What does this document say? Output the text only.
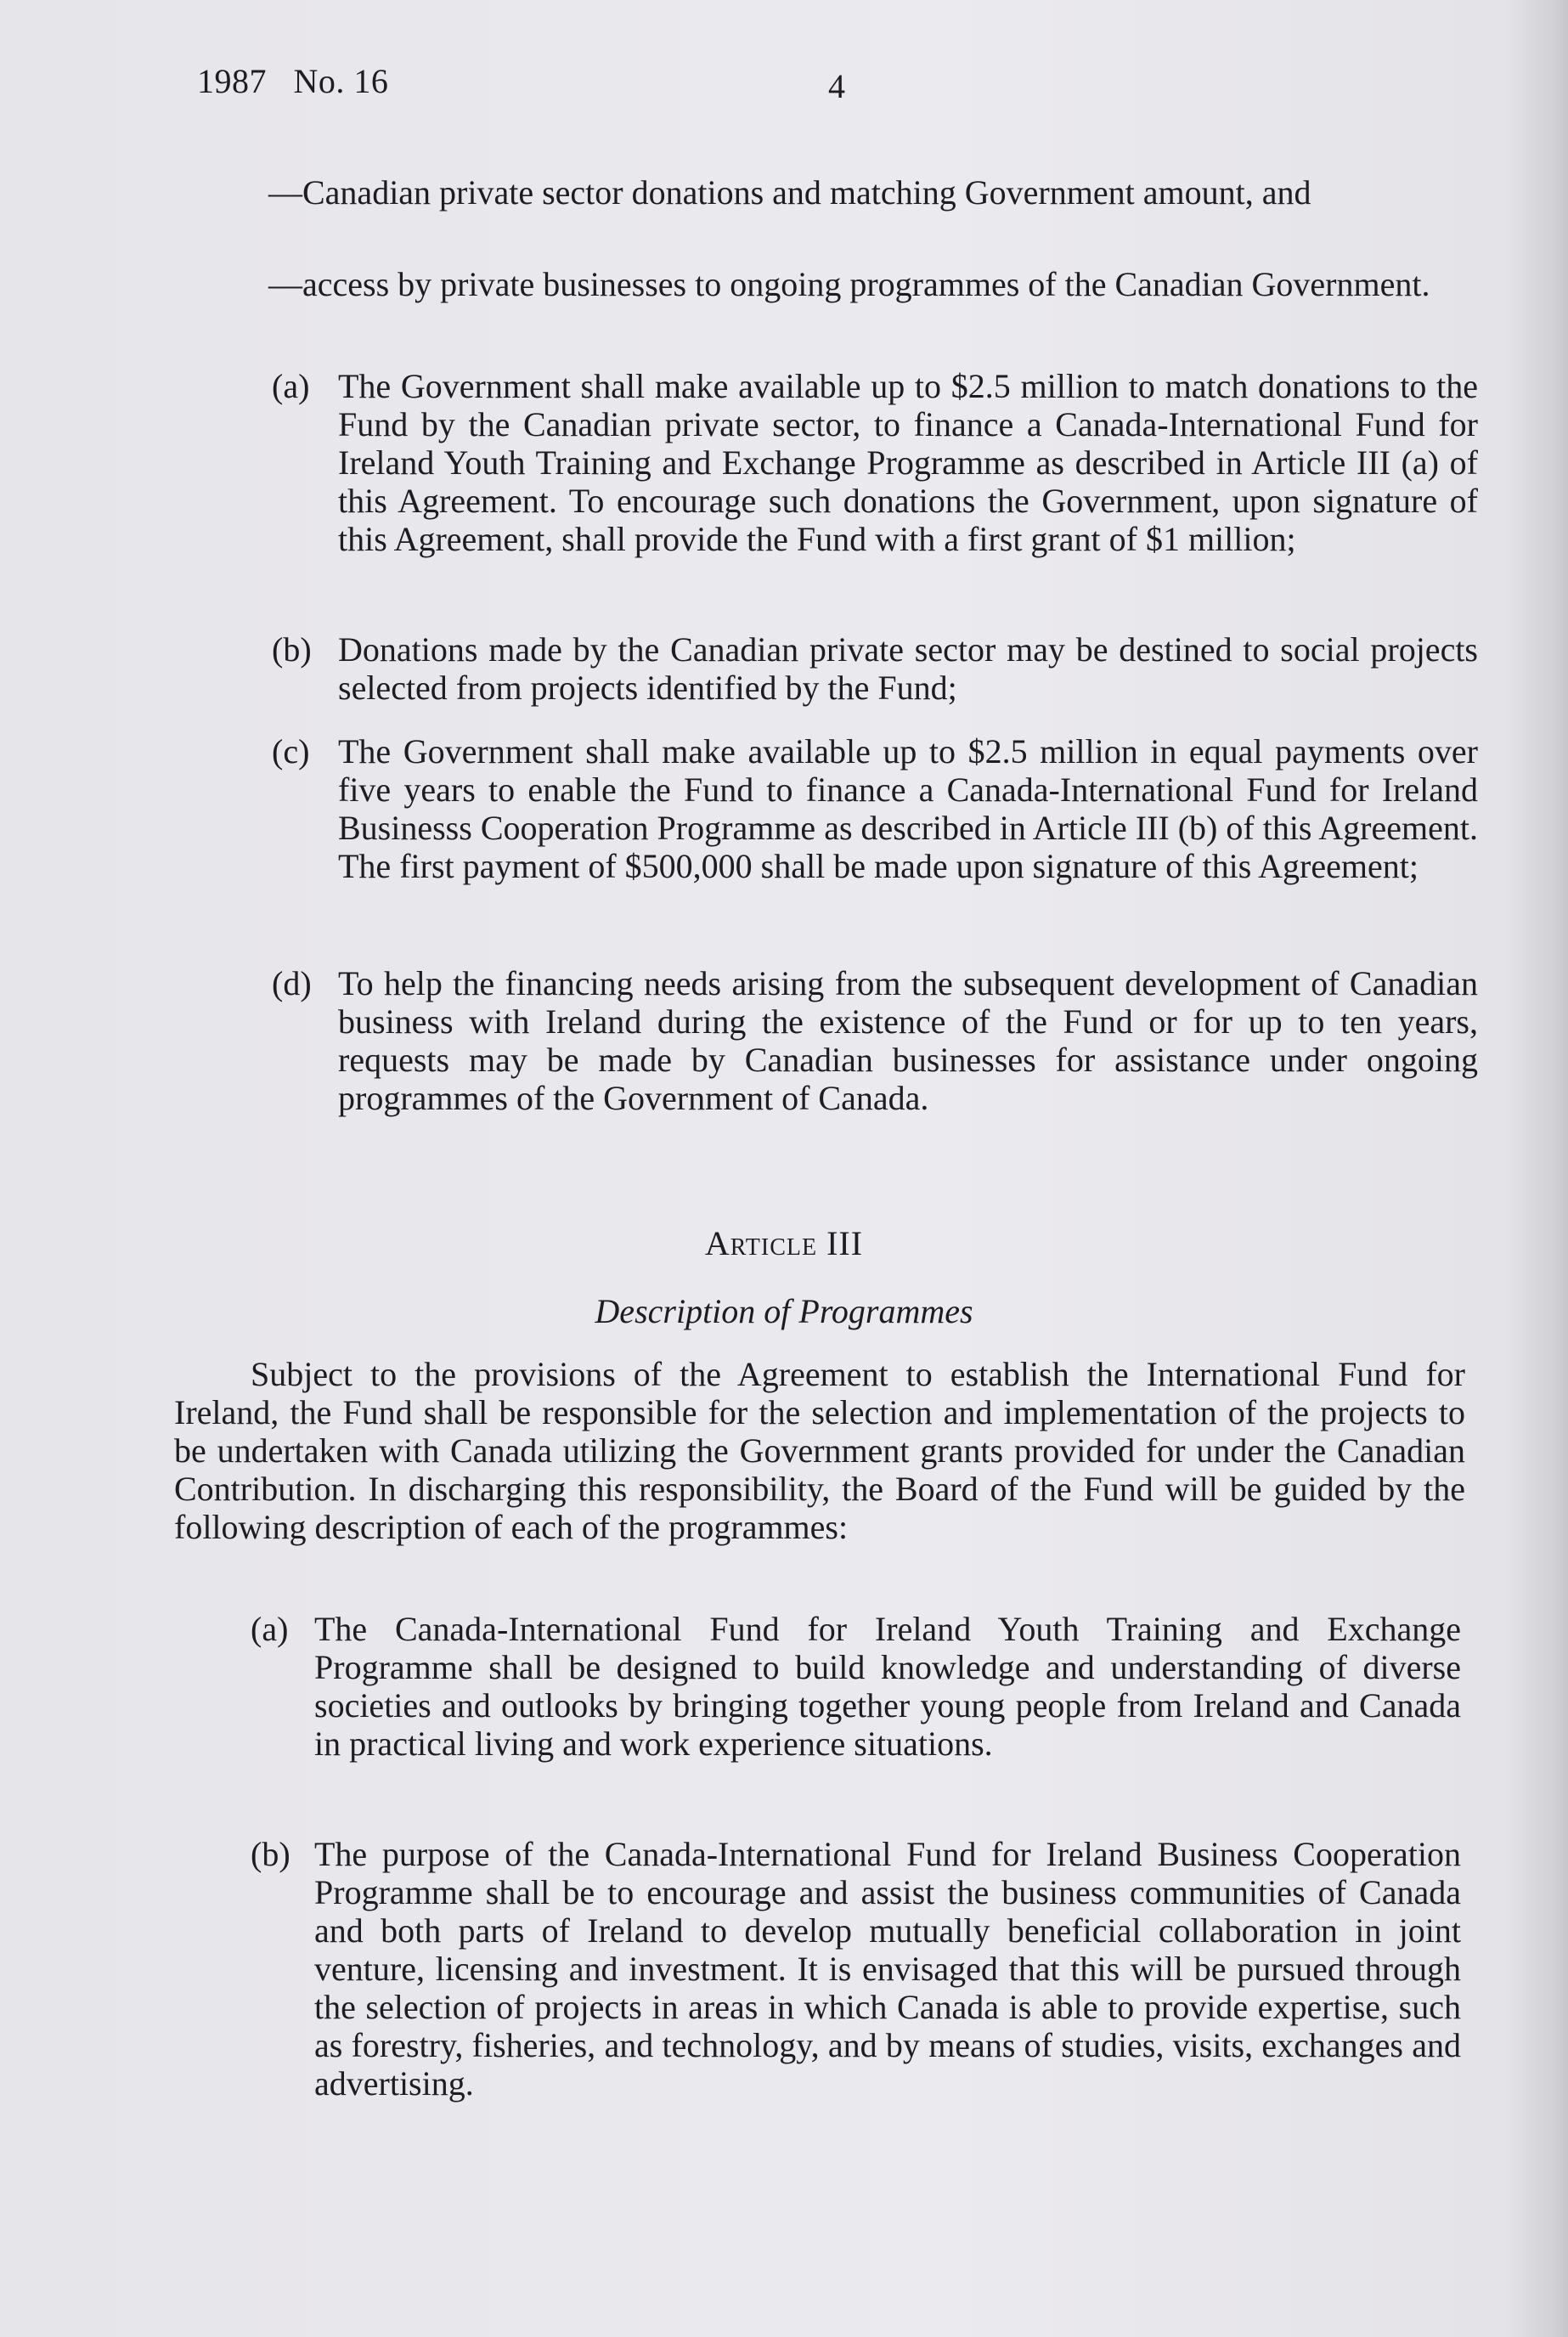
1987   No. 16	4

—Canadian private sector donations and matching Government amount, and

—access by private businesses to ongoing programmes of the Canadian Government.

(a) The Government shall make available up to $2.5 million to match donations to the Fund by the Canadian private sector, to finance a Canada-International Fund for Ireland Youth Training and Exchange Programme as described in Article III (a) of this Agreement. To encourage such donations the Government, upon signature of this Agreement, shall provide the Fund with a first grant of $1 million;
(b) Donations made by the Canadian private sector may be destined to social projects selected from projects identified by the Fund;
(c) The Government shall make available up to $2.5 million in equal payments over five years to enable the Fund to finance a Canada-International Fund for Ireland Businesss Cooperation Programme as described in Article III (b) of this Agreement. The first payment of $500,000 shall be made upon signature of this Agreement;
(d) To help the financing needs arising from the subsequent development of Canadian business with Ireland during the existence of the Fund or for up to ten years, requests may be made by Canadian businesses for assistance under ongoing programmes of the Government of Canada.
Article III

Description of Programmes

Subject to the provisions of the Agreement to establish the International Fund for Ireland, the Fund shall be responsible for the selection and implementation of the projects to be undertaken with Canada utilizing the Government grants provided for under the Canadian Contribution. In discharging this responsibility, the Board of the Fund will be guided by the following description of each of the programmes:

(a) The Canada-International Fund for Ireland Youth Training and Exchange Programme shall be designed to build knowledge and understanding of diverse societies and outlooks by bringing together young people from Ireland and Canada in practical living and work experience situations.
(b) The purpose of the Canada-International Fund for Ireland Business Cooperation Programme shall be to encourage and assist the business communities of Canada and both parts of Ireland to develop mutually beneficial collaboration in joint venture, licensing and investment. It is envisaged that this will be pursued through the selection of projects in areas in which Canada is able to provide expertise, such as forestry, fisheries, and technology, and by means of studies, visits, exchanges and advertising.
